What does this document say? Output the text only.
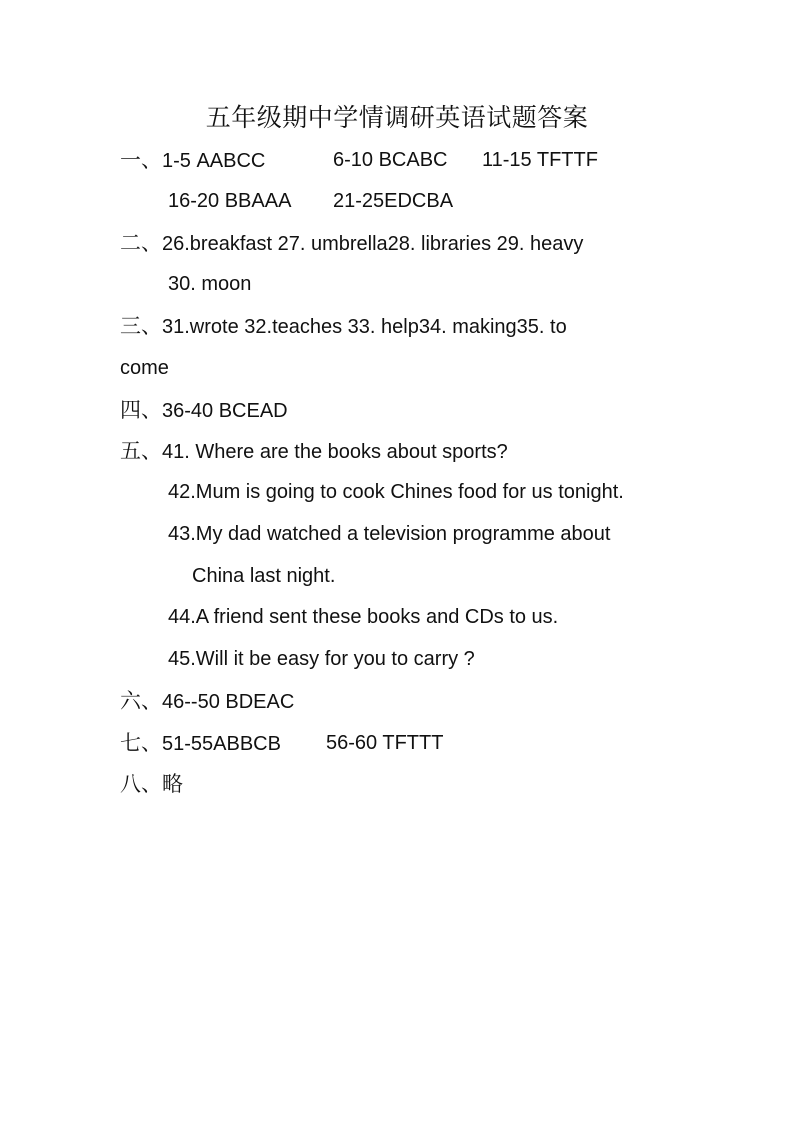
五年级期中学情调研英语试题答案
一、1-5 AABCC	6-10 BCABC 11-15 TFTTF
16-20 BBAAA 21-25EDCBA
二、26.breakfast 27. umbrella28. libraries 29. heavy
30. moon
三、31.wrote 32.teaches 33. help34. making35. to
come
四、36-40 BCEAD
五、41. Where are the books about sports?
42.Mum is going to cook Chines food for us tonight.
43.My dad watched a television programme about
China last night.
44.A friend sent these books and CDs to us.
45.Will it be easy for you to carry ?
六、46--50 BDEAC
七、51-55ABBCB 56-60 TFTTT
八、略
